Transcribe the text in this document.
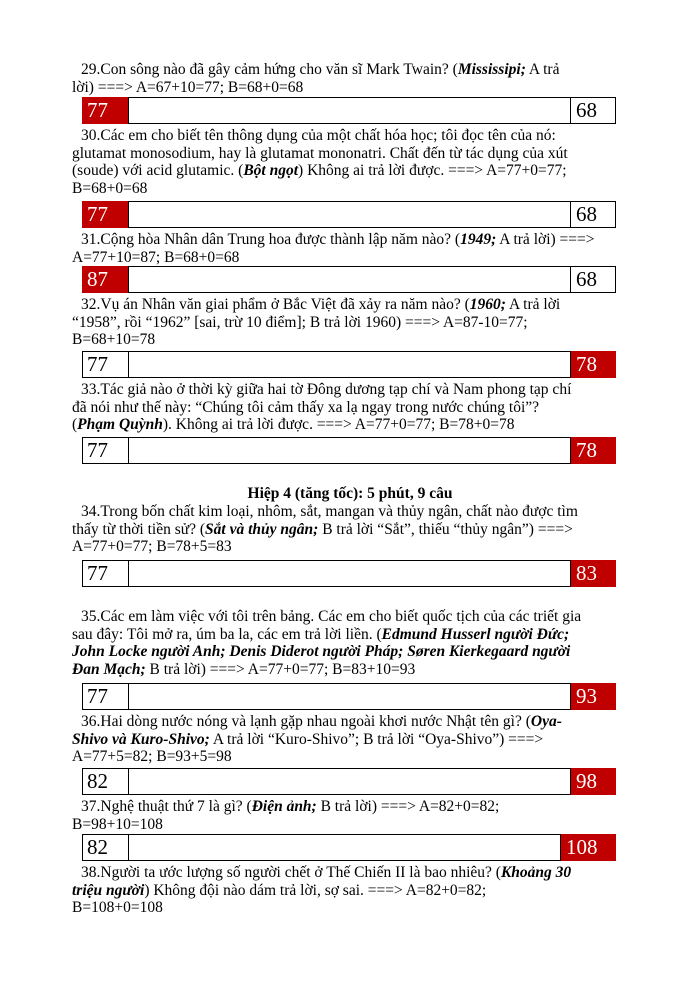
29.Con sông nào đã gây cảm hứng cho văn sĩ Mark Twain? (Mississipi; A trả
lời) ===> A=67+10=77; B=68+0=68
77	68
30.Các em cho biết tên thông dụng của một chất hóa học; tôi đọc tên của nó:
glutamat monosodium, hay là glutamat mononatri. Chất đến từ tác dụng của xút
(soude) với acid glutamic. (Bột ngọt) Không ai trả lời được. ===> A=77+0=77;
B=68+0=68
77	68
31.Cộng hòa Nhân dân Trung hoa được thành lập năm nào? (1949; A trả lời) ===>
A=77+10=87; B=68+0=68
87	68
32.Vụ án Nhân văn giai phẩm ở Bắc Việt đã xảy ra năm nào? (1960; A trả lời
“1958”, rồi “1962” [sai, trừ 10 điểm]; B trả lời 1960) ===> A=87-10=77;
B=68+10=78
77	78
33.Tác giả nào ở thời kỳ giữa hai tờ Đông dương tạp chí và Nam phong tạp chí
đã nói như thế này: “Chúng tôi cảm thấy xa lạ ngay trong nước chúng tôi”?
(Phạm Quỳnh). Không ai trả lời được. ===> A=77+0=77; B=78+0=78
77	78
Hiệp 4 (tăng tốc): 5 phút, 9 câu
34.Trong bốn chất kim loại, nhôm, sắt, mangan và thủy ngân, chất nào được tìm
thấy từ thời tiền sử? (Sắt và thủy ngân; B trả lời “Sắt”, thiếu “thủy ngân”) ===>
A=77+0=77; B=78+5=83
77	83
35.Các em làm việc với tôi trên bảng. Các em cho biết quốc tịch của các triết gia
sau đây: Tôi mở ra, úm ba la, các em trả lời liền. (Edmund Husserl người Đức;
John Locke người Anh; Denis Diderot người Pháp; Søren Kierkegaard người
Đan Mạch; B trả lời) ===> A=77+0=77; B=83+10=93
77	93
36.Hai dòng nước nóng và lạnh gặp nhau ngoài khơi nước Nhật tên gì? (Oya-
Shivo và Kuro-Shivo; A trả lời “Kuro-Shivo”; B trả lời “Oya-Shivo”) ===>
A=77+5=82; B=93+5=98
82	98
37.Nghệ thuật thứ 7 là gì? (Điện ảnh; B trả lời) ===> A=82+0=82;
B=98+10=108
82	108
38.Người ta ước lượng số người chết ở Thế Chiến II là bao nhiêu? (Khoảng 30
triệu người) Không đội nào dám trả lời, sợ sai. ===> A=82+0=82;
B=108+0=108
